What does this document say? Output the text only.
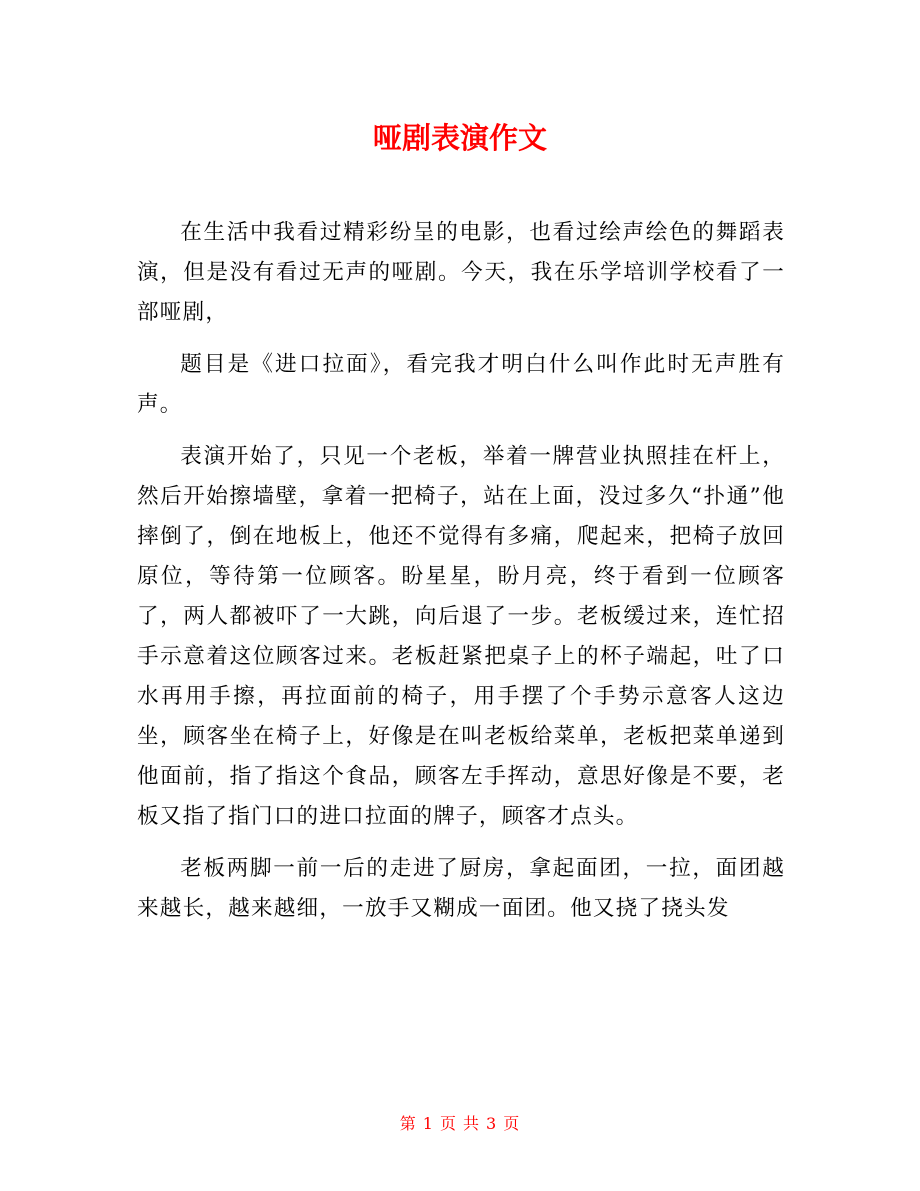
哑剧表演作文

在生活中我看过精彩纷呈的电影，也看过绘声绘色的舞蹈表演，但是没有看过无声的哑剧。今天，我在乐学培训学校看了一部哑剧，

题目是《进口拉面》，看完我才明白什么叫作此时无声胜有声。

表演开始了，只见一个老板，举着一牌营业执照挂在杆上，然后开始擦墙壁，拿着一把椅子，站在上面，没过多久“扑通”他摔倒了，倒在地板上，他还不觉得有多痛，爬起来，把椅子放回原位，等待第一位顾客。盼星星，盼月亮，终于看到一位顾客了，两人都被吓了一大跳，向后退了一步。老板缓过来，连忙招手示意着这位顾客过来。老板赶紧把桌子上的杯子端起，吐了口水再用手擦，再拉面前的椅子，用手摆了个手势示意客人这边坐，顾客坐在椅子上，好像是在叫老板给菜单，老板把菜单递到他面前，指了指这个食品，顾客左手挥动，意思好像是不要，老板又指了指门口的进口拉面的牌子，顾客才点头。

老板两脚一前一后的走进了厨房，拿起面团，一拉，面团越来越长，越来越细，一放手又糊成一面团。他又挠了挠头发

第 1 页 共 3 页
